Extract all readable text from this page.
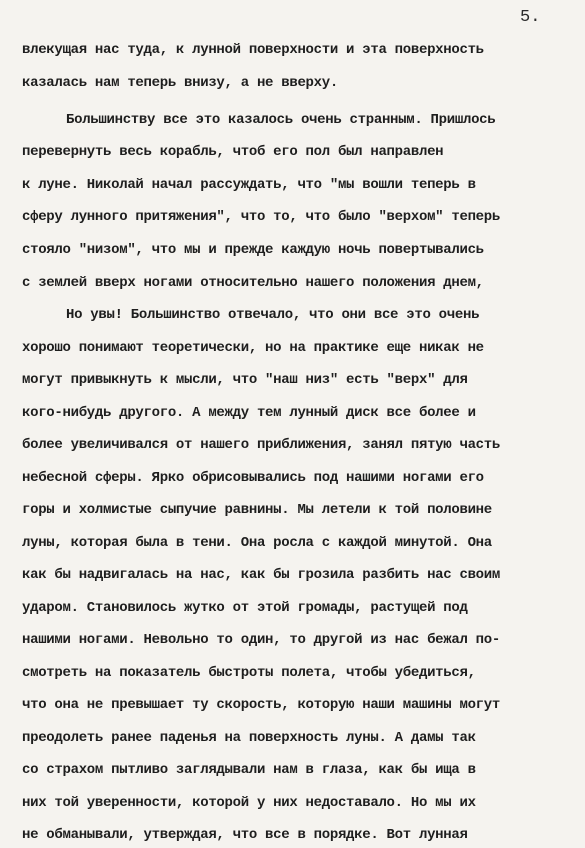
5.
влекущая нас туда, к лунной поверхности и эта поверхность
казалась нам теперь внизу, а не вверху.
Большинству все это казалось очень странным. Пришлось
перевернуть весь корабль, чтоб его пол был направлен
к луне. Николай начал рассуждать, что "мы вошли теперь в
сферу лунного притяжения", что то, что было "верхом" теперь
стояло "низом", что мы и прежде каждую ночь повертывались
с землей вверх ногами относительно нашего положения днем,
Но увы! Большинство отвечало, что они все это очень
хорошо понимают теоретически, но на практике еще никак не
могут привыкнуть к мысли, что "наш низ" есть "верх" для
кого-нибудь другого. А между тем лунный диск все более и
более увеличивался от нашего приближения, занял пятую часть
небесной сферы. Ярко обрисовывались под нашими ногами его
горы и холмистые сыпучие равнины. Мы летели к той половине
луны, которая была в тени. Она росла с каждой минутой. Она
как бы надвигалась на нас, как бы грозила разбить нас своим
ударом. Становилось жутко от этой громады, растущей под
нашими ногами. Невольно то один, то другой из нас бежал по-
смотреть на показатель быстроты полета, чтобы убедиться,
что она не превышает ту скорость, которую наши машины могут
преодолеть ранее паденья на поверхность луны. А дамы так
со страхом пытливо заглядывали нам в глаза, как бы ища в
них той уверенности, которой у них недоставало. Но мы их
не обманывали, утверждая, что все в порядке. Вот лунная
